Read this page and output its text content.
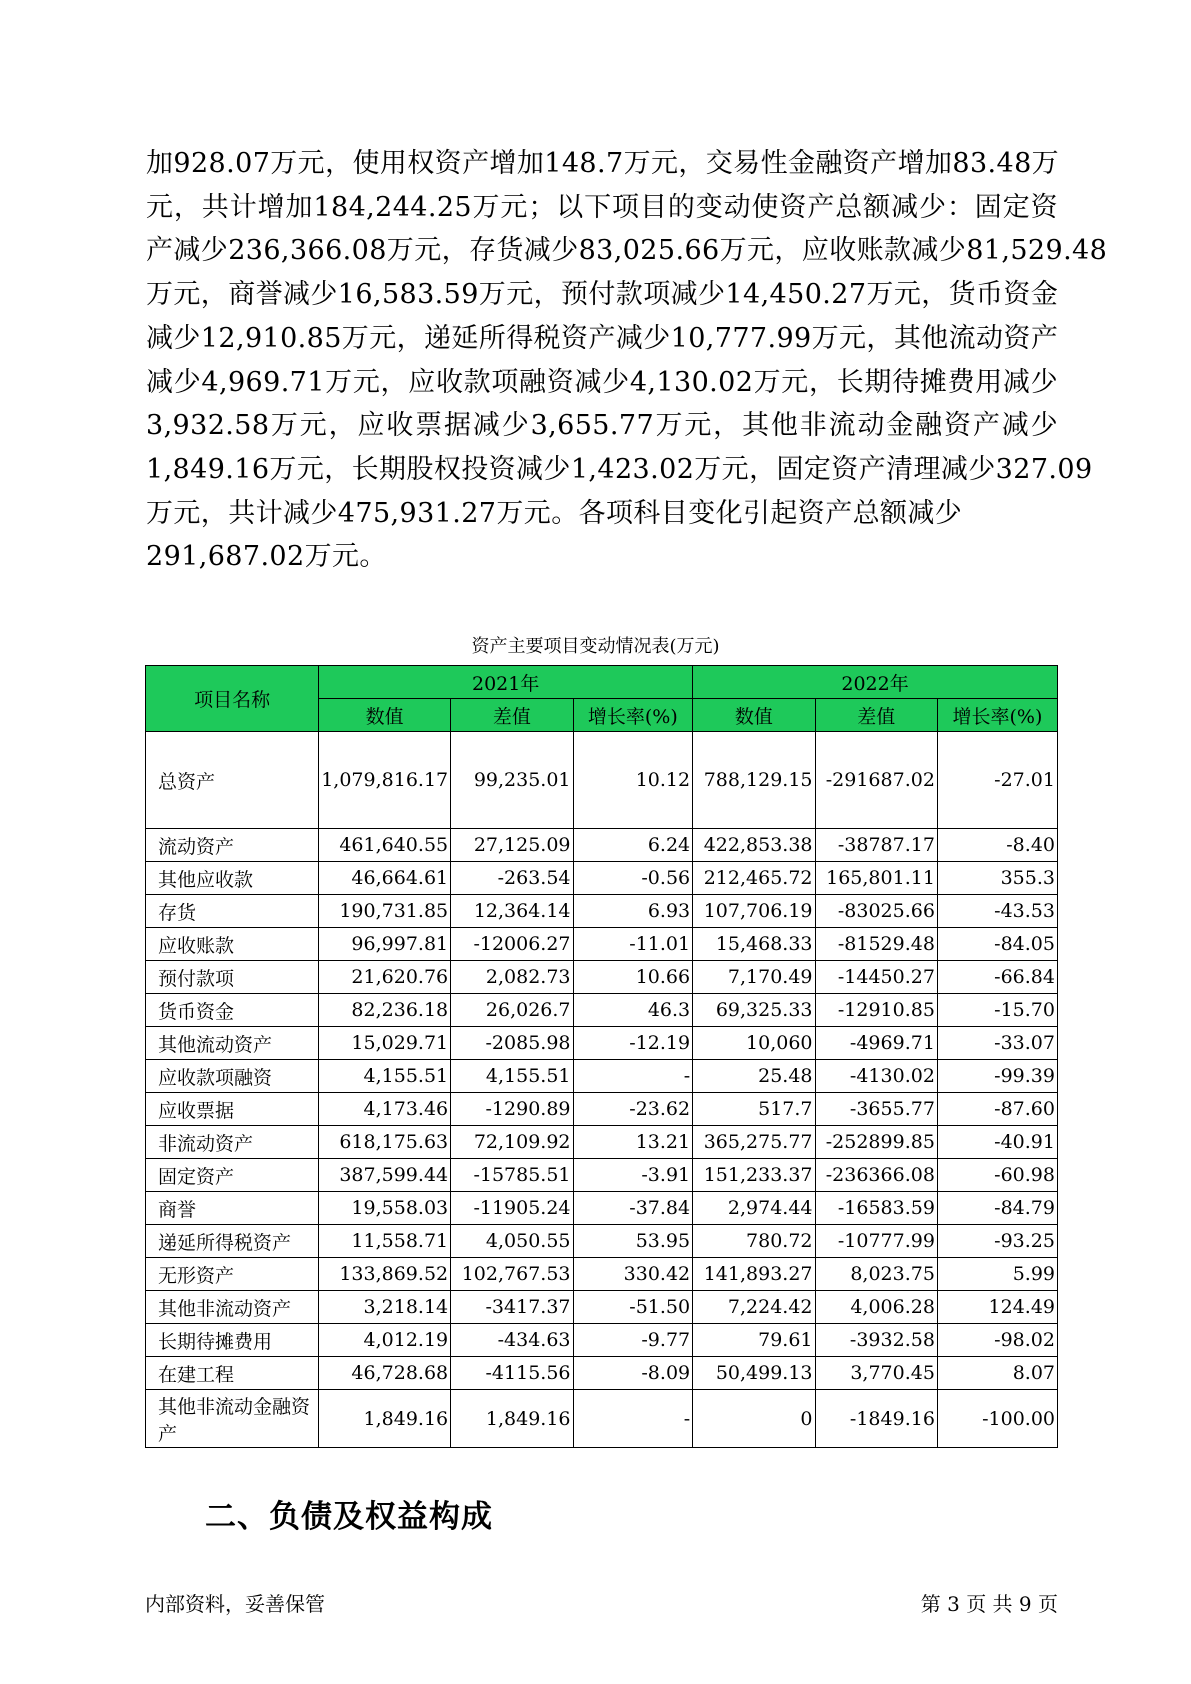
加928.07万元，使用权资产增加148.7万元，交易性金融资产增加83.48万
元，共计增加184,244.25万元；以下项目的变动使资产总额减少：固定资
产减少236,366.08万元，存货减少83,025.66万元，应收账款减少81,529.48
万元，商誉减少16,583.59万元，预付款项减少14,450.27万元，货币资金
减少12,910.85万元，递延所得税资产减少10,777.99万元，其他流动资产
减少4,969.71万元，应收款项融资减少4,130.02万元，长期待摊费用减少
3,932.58万元，应收票据减少3,655.77万元，其他非流动金融资产减少
1,849.16万元，长期股权投资减少1,423.02万元，固定资产清理减少327.09
万元，共计减少475,931.27万元。各项科目变化引起资产总额减少
291,687.02万元。
资产主要项目变动情况表(万元)
项目名称	2021年			2022年		
	数值	差值	增长率(%)	数值	差值	增长率(%)
总资产	1,079,816.17	99,235.01	10.12	788,129.15	-291687.02	-27.01
流动资产	461,640.55	27,125.09	6.24	422,853.38	-38787.17	-8.40
其他应收款	46,664.61	-263.54	-0.56	212,465.72	165,801.11	355.3
存货	190,731.85	12,364.14	6.93	107,706.19	-83025.66	-43.53
应收账款	96,997.81	-12006.27	-11.01	15,468.33	-81529.48	-84.05
预付款项	21,620.76	2,082.73	10.66	7,170.49	-14450.27	-66.84
货币资金	82,236.18	26,026.7	46.3	69,325.33	-12910.85	-15.70
其他流动资产	15,029.71	-2085.98	-12.19	10,060	-4969.71	-33.07
应收款项融资	4,155.51	4,155.51	-	25.48	-4130.02	-99.39
应收票据	4,173.46	-1290.89	-23.62	517.7	-3655.77	-87.60
非流动资产	618,175.63	72,109.92	13.21	365,275.77	-252899.85	-40.91
固定资产	387,599.44	-15785.51	-3.91	151,233.37	-236366.08	-60.98
商誉	19,558.03	-11905.24	-37.84	2,974.44	-16583.59	-84.79
递延所得税资产	11,558.71	4,050.55	53.95	780.72	-10777.99	-93.25
无形资产	133,869.52	102,767.53	330.42	141,893.27	8,023.75	5.99
其他非流动资产	3,218.14	-3417.37	-51.50	7,224.42	4,006.28	124.49
长期待摊费用	4,012.19	-434.63	-9.77	79.61	-3932.58	-98.02
在建工程	46,728.68	-4115.56	-8.09	50,499.13	3,770.45	8.07
其他非流动金融资产	1,849.16	1,849.16	-	0	-1849.16	-100.00
二、负债及权益构成
内部资料，妥善保管	第 3 页 共 9 页
